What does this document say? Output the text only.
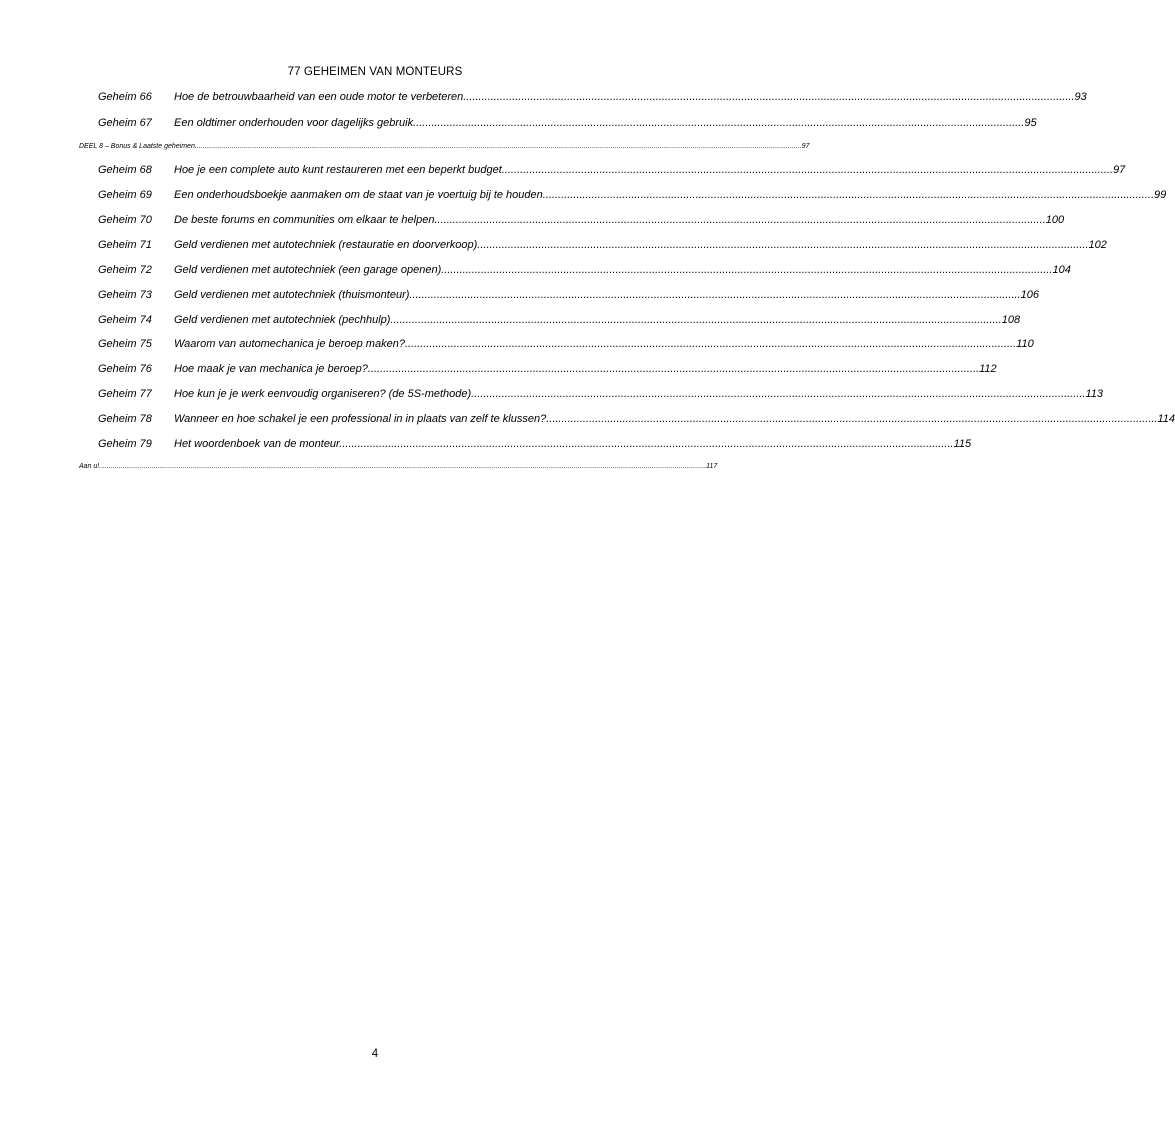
77 GEHEIMEN VAN MONTEURS
Geheim 66	Hoe de betrouwbaarheid van een oude motor te verbeteren .....	93
Geheim 67	Een oldtimer onderhouden voor dagelijks gebruik .....	95
DEEL 8 – Bonus & Laatste geheimen .....	97
Geheim 68	Hoe je een complete auto kunt restaureren met een beperkt budget .....	97
Geheim 69	Een onderhoudsboekje aanmaken om de staat van je voertuig bij te houden .....	99
Geheim 70	De beste forums en communities om elkaar te helpen .....	100
Geheim 71	Geld verdienen met autotechniek (restauratie en doorverkoop) .....	102
Geheim 72	Geld verdienen met autotechniek (een garage openen) .....	104
Geheim 73	Geld verdienen met autotechniek (thuismonteur) .....	106
Geheim 74	Geld verdienen met autotechniek (pechhulp) .....	108
Geheim 75	Waarom van automechanica je beroep maken? .....	110
Geheim 76	Hoe maak je van mechanica je beroep? .....	112
Geheim 77	Hoe kun je je werk eenvoudig organiseren? (de 5S-methode). .....	113
Geheim 78	Wanneer en hoe schakel je een professional in in plaats van zelf te klussen? .....	114
Geheim 79	Het woordenboek van de monteur. .....	115
Aan u! .....	117
4
